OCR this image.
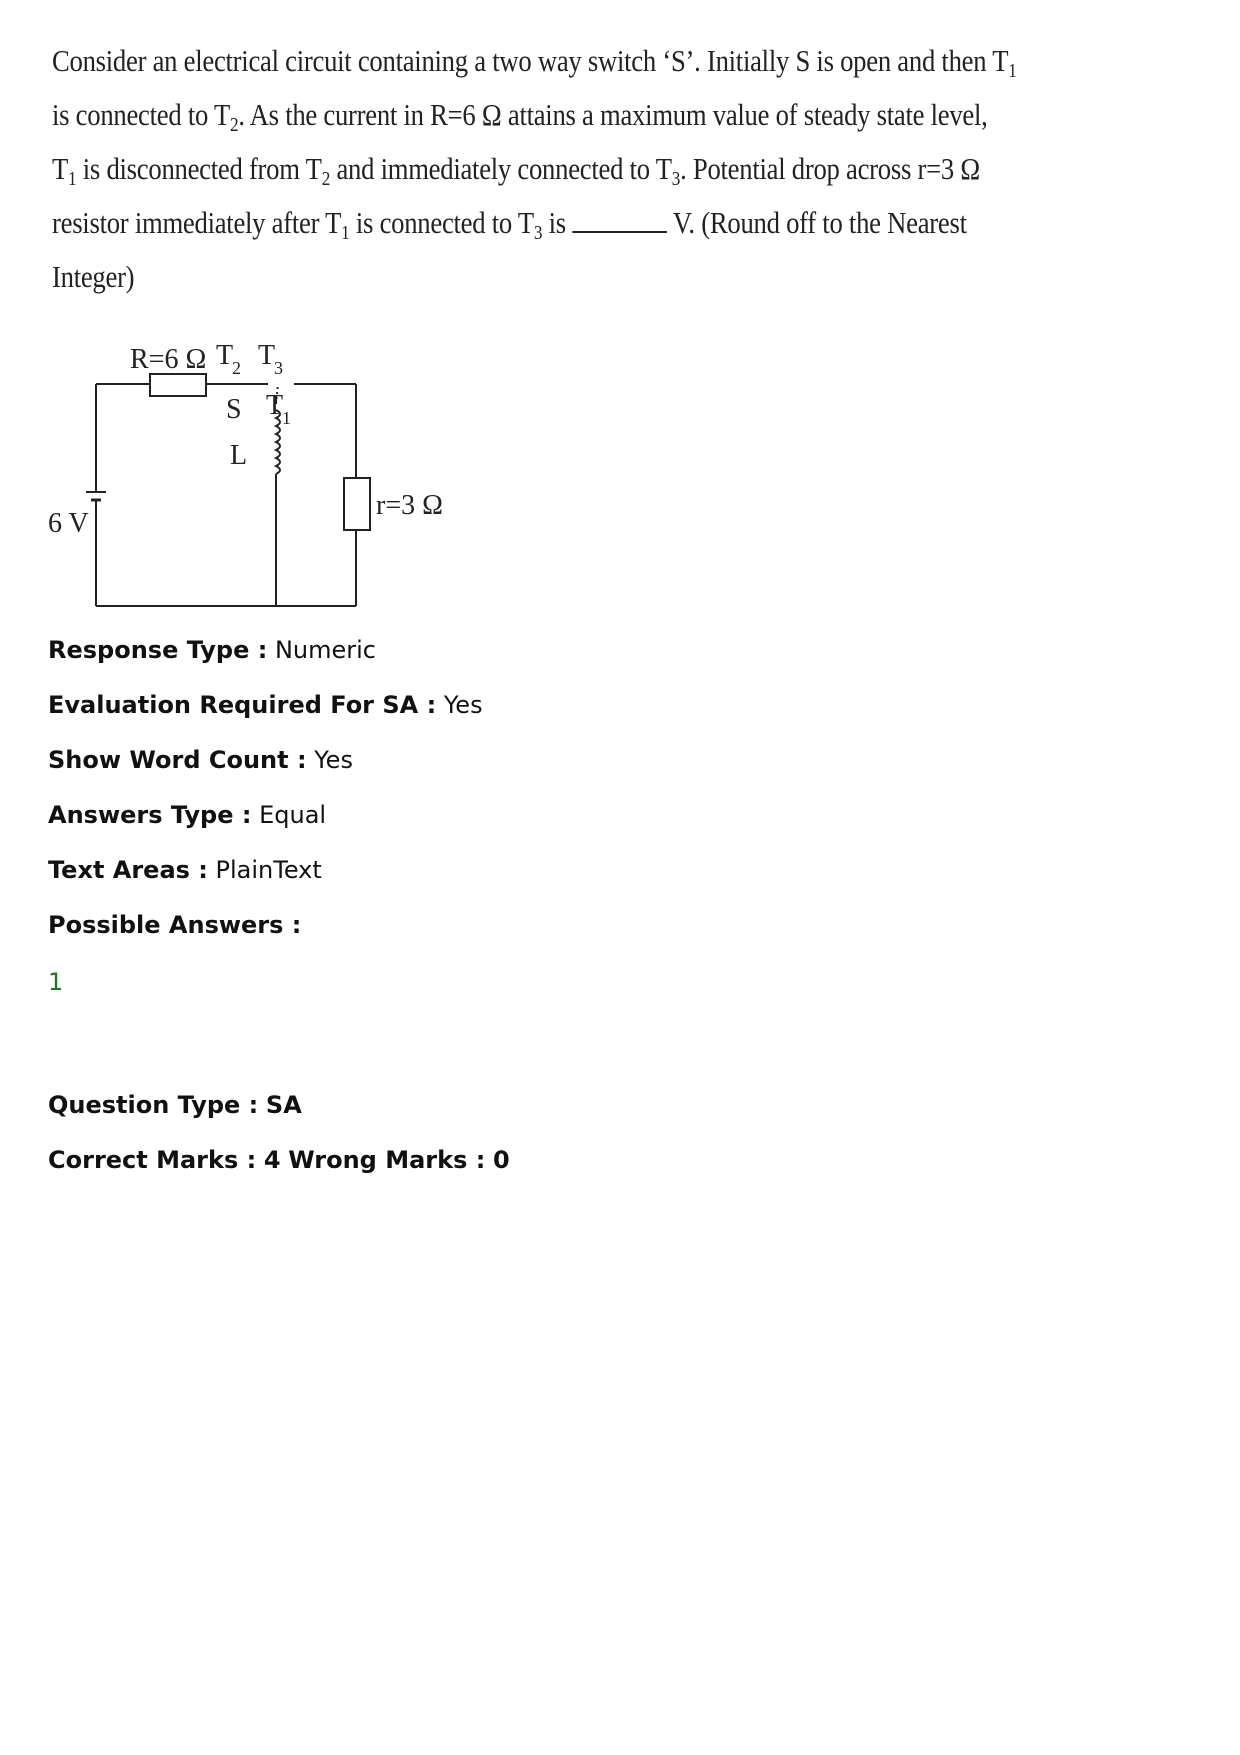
Consider an electrical circuit containing a two way switch ‘S’. Initially S is open and then $T_1$
is connected to $T_2$. As the current in R=6 Ω attains a maximum value of steady state level,
$T_1$ is disconnected from $T_2$ and immediately connected to $T_3$. Potential drop across r=3 Ω
resistor immediately after $T_1$ is connected to $T_3$ is	V. (Round off to the Nearest
Integer)
R=6 Ω T
2 T
3
S T
1
L
r=3 Ω
6 V
Response Type : Numeric
Evaluation Required For SA : Yes
Show Word Count : Yes
Answers Type : Equal
Text Areas : PlainText
Possible Answers :
1
Question Type : SA
Correct Marks : 4 Wrong Marks : 0
